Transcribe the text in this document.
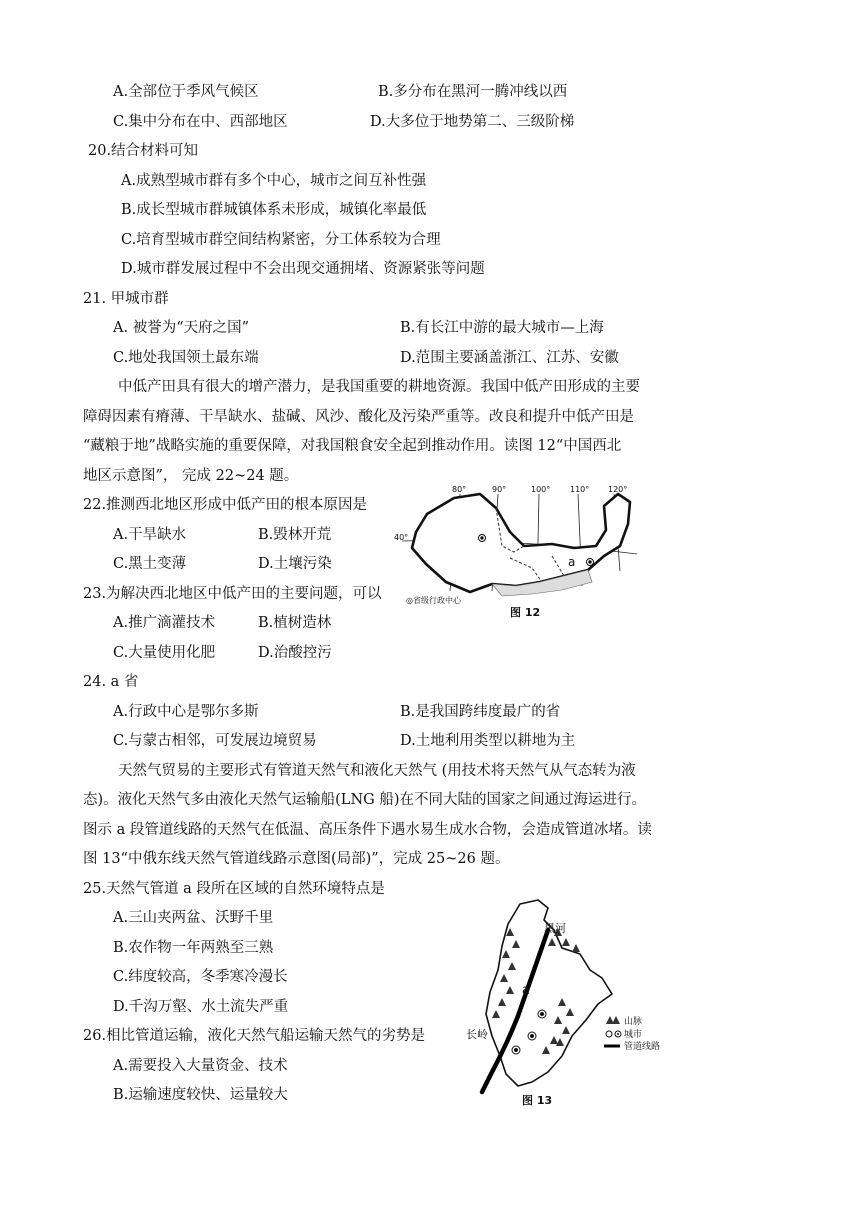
A.全部位于季风气候区	B.多分布在黑河一腾冲线以西
C.集中分布在中、西部地区	D.大多位于地势第二、三级阶梯
20.结合材料可知
A.成熟型城市群有多个中心，城市之间互补性强
B.成长型城市群城镇体系未形成，城镇化率最低
C.培育型城市群空间结构紧密，分工体系较为合理
D.城市群发展过程中不会出现交通拥堵、资源紧张等问题
21. 甲城市群
A. 被誉为“天府之国”	B.有长江中游的最大城市—上海
C.地处我国领土最东端	D.范围主要涵盖浙江、江苏、安徽
中低产田具有很大的增产潜力，是我国重要的耕地资源。我国中低产田形成的主要
障碍因素有瘠薄、干旱缺水、盐碱、风沙、酸化及污染严重等。改良和提升中低产田是
“藏粮于地”战略实施的重要保障，对我国粮食安全起到推动作用。读图 12“中国西北
地区示意图”， 完成 22~24 题。
22.推测西北地区形成中低产田的根本原因是
A.干旱缺水	B.毁林开荒
C.黑土变薄	D.土壤污染
23.为解决西北地区中低产田的主要问题，可以
A.推广滴灌技术	B.植树造林
C.大量使用化肥	D.治酸控污
24. a 省
A.行政中心是鄂尔多斯	B.是我国跨纬度最广的省
C.与蒙古相邻，可发展边境贸易	D.土地利用类型以耕地为主
天然气贸易的主要形式有管道天然气和液化天然气 (用技术将天然气从气态转为液
态)。液化天然气多由液化天然气运输船(LNG 船)在不同大陆的国家之间通过海运进行。
图示 a 段管道线路的天然气在低温、高压条件下遇水易生成水合物，会造成管道冰堵。读
图 13“中俄东线天然气管道线路示意图(局部)”，完成 25~26 题。
25.天然气管道 a 段所在区域的自然环境特点是
A.三山夹两盆、沃野千里
B.农作物一年两熟至三熟
C.纬度较高，冬季寒冷漫长
D.千沟万壑、水土流失严重
26.相比管道运输，液化天然气船运输天然气的劣势是
A.需要投入大量资金、技术
B.运输速度较快、运量较大
a
80°	90°	100° 110° 120°
40°
◎省级行政中心
图 12
黑河
长岭
a
山脉
城市
管道线路
图 13
